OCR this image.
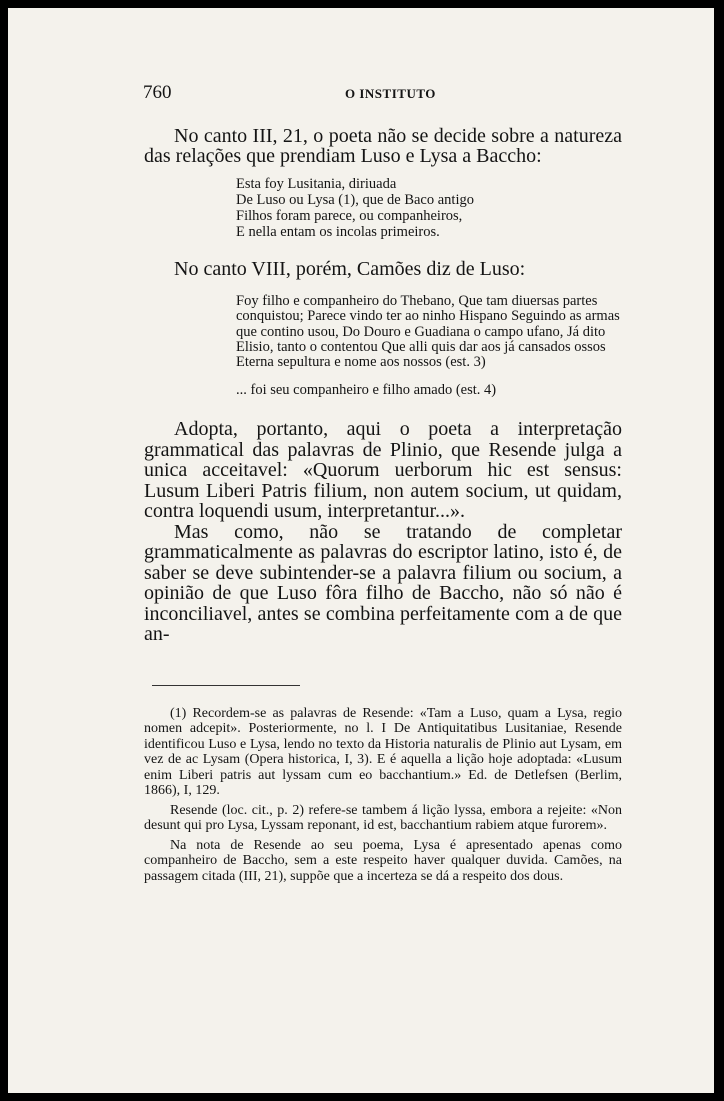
760	O INSTITUTO

No canto III, 21, o poeta não se decide sobre a natureza das relações que prendiam Luso e Lysa a Baccho:

Esta foy Lusitania, diriuada
De Luso ou Lysa (1), que de Baco antigo
Filhos foram parece, ou companheiros,
E nella entam os incolas primeiros.

No canto VIII, porém, Camões diz de Luso:

Foy filho e companheiro do Thebano, Que tam diuersas partes conquistou; Parece vindo ter ao ninho Hispano Seguindo as armas que contino usou, Do Douro e Guadiana o campo ufano, Já dito Elisio, tanto o contentou Que alli quis dar aos já cansados ossos Eterna sepultura e nome aos nossos (est. 3)

... foi seu companheiro e filho amado (est. 4)

Adopta, portanto, aqui o poeta a interpretação grammatical das palavras de Plinio, que Resende julga a unica acceitavel: «Quorum uerborum hic est sensus: Lusum Liberi Patris filium, non autem socium, ut quidam, contra loquendi usum, interpretantur...».

Mas como, não se tratando de completar grammaticalmente as palavras do escriptor latino, isto é, de saber se deve subintender-se a palavra filium ou socium, a opinião de que Luso fôra filho de Baccho, não só não é inconciliavel, antes se combina perfeitamente com a de que an-

(1) Recordem-se as palavras de Resende: «Tam a Luso, quam a Lysa, regio nomen adcepit». Posteriormente, no l. I De Antiquitatibus Lusitaniae, Resende identificou Luso e Lysa, lendo no texto da Historia naturalis de Plinio aut Lysam, em vez de ac Lysam (Opera historica, I, 3). E é aquella a lição hoje adoptada: «Lusum enim Liberi patris aut lyssam cum eo bacchantium.» Ed. de Detlefsen (Berlim, 1866), I, 129.

Resende (loc. cit., p. 2) refere-se tambem á lição lyssa, embora a rejeite: «Non desunt qui pro Lysa, Lyssam reponant, id est, bacchantium rabiem atque furorem».

Na nota de Resende ao seu poema, Lysa é apresentado apenas como companheiro de Baccho, sem a este respeito haver qualquer duvida. Camões, na passagem citada (III, 21), suppõe que a incerteza se dá a respeito dos dous.
